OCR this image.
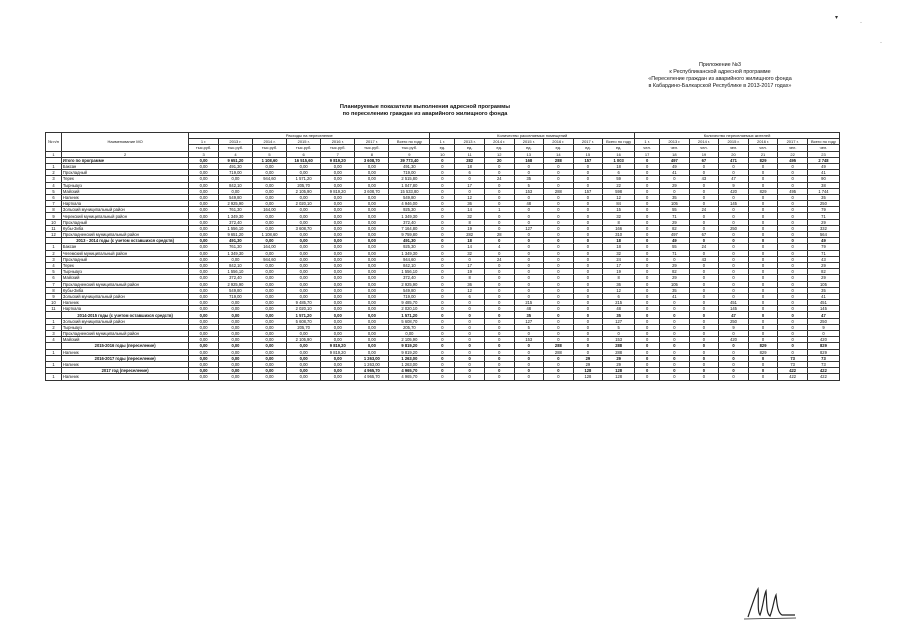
Приложение №3
к Республиканской адресной программе
«Переселение граждан из аварийного жилищного фонда
в Кабардино-Балкарской Республике в 2013-2017 годах»
Планируемые показатели выполнения адресной программы
по переселению граждан из аварийного жилищного фонда
№ п/п	Наименование МО	Расходы на переселение							Количество расселяемых помещений							Количество переселяемых жителей						
		1 г.	2013 г.	2014 г.	2015 г.	2016 г.	2017 г.	Всего по году	1 г.	2013 г.	2014 г.	2015 г.	2016 г.	2017 г.	Всего по году	1 г.	2013 г.	2014 г.	2015 г.	2016 г.	2017 г.	Всего по году
		тыс.руб.	тыс.руб.	тыс.руб.	тыс.руб.	тыс.руб.	тыс.руб.	тыс.руб.	ед.	ед.	ед.	ед.	ед.	ед.	ед.	чел.	чел.	чел.	чел.	чел.	чел.	чел.
1	2	3	4	5	6	7	8	9	10	11	12	13	14	15	16	17	18	19	20	21	22	23
	Итого по программе	0,00	9 651,20	1 108,60	16 515,60	9 819,20	3 608,70	39 773,40	0	282	20	168	288	157	1 003	0	497	67	471	829	495	2 748
1	Баксан	0,00	491,30	0,00	0,00	0,00	0,00	491,30	0	18	0	0	0	0	18	0	49	0	0	0	0	49
2	Прохладный	0,00	719,00	0,00	0,00	0,00	0,00	719,00	0	6	0	0	0	0	6	0	41	0	0	0	0	41
3	Терек	0,00	0,00	944,60	1 571,20	0,00	0,00	2 515,80	0	0	24	35	0	0	59	0	0	43	47	0	0	90
4	Тырныауз	0,00	842,10	0,00	205,70	0,00	0,00	1 047,80	0	17	0	5	0	0	22	0	29	0	9	0	0	38
5	Майский	0,00	0,00	0,00	2 105,90	9 819,20	3 608,70	15 533,80	0	0	0	153	288	157	598	0	0	0	420	829	495	1 744
6	Нальчик	0,00	549,80	0,00	0,00	0,00	0,00	549,80	0	12	0	0	0	0	12	0	35	0	0	0	0	35
7	Нарткала	0,00	2 925,90	0,00	2 020,10	0,00	0,00	4 946,00	0	36	0	48	0	0	84	0	105	0	145	0	0	250
8	Зольский муниципальный район	0,00	761,30	164,00	0,00	0,00	0,00	925,30	0	14	1	0	0	0	15	0	55	24	0	0	0	79
9	Черекский муниципальный район	0,00	1 349,30	0,00	0,00	0,00	0,00	1 349,30	0	32	0	0	0	0	32	0	71	0	0	0	0	71
10	Прохладный	0,00	372,40	0,00	0,00	0,00	0,00	372,40	0	8	0	0	0	0	8	0	29	0	0	0	0	29
11	Кубы-Зиба	0,00	1 556,10	0,00	3 608,70	0,00	0,00	7 164,80	0	19	0	127	0	0	166	0	82	0	250	0	0	332
12	Прохладненский муниципальный район	0,00	9 651,20	1 108,60	0,00	0,00	0,00	9 759,80	0	282	28	0	0	0	310	0	497	67	0	0	0	564
	2013 - 2014 годы (с учетом оставшихся средств)	0,00	491,30	0,00	0,00	0,00	0,00	491,30	0	18	0	0	0	0	18	0	49	0	0	0	0	49
1	Баксан	0,00	761,30	164,00	0,00	0,00	0,00	925,30	0	14	4	0	0	0	18	0	55	24	0	0	0	79
2	Чегемский муниципальный район	0,00	1 349,30	0,00	0,00	0,00	0,00	1 349,30	0	32	0	0	0	0	32	0	71	0	0	0	0	71
3	Прохладный	0,00	0,00	944,60	0,00	0,00	0,00	944,60	0	0	24	0	0	0	24	0	0	43	0	0	0	43
4	Терек	0,00	842,10	0,00	0,00	0,00	0,00	842,10	0	17	0	0	0	0	17	0	29	0	0	0	0	29
5	Тырныауз	0,00	1 556,10	0,00	0,00	0,00	0,00	1 556,10	0	19	0	0	0	0	19	0	82	0	0	0	0	82
6	Майский	0,00	372,40	0,00	0,00	0,00	0,00	372,40	0	8	0	0	0	0	8	0	29	0	0	0	0	29
7	Прохладненский муниципальный район	0,00	2 925,90	0,00	0,00	0,00	0,00	2 925,90	0	36	0	0	0	0	36	0	105	0	0	0	0	105
8	Кубы-Зиба	0,00	549,80	0,00	0,00	0,00	0,00	549,80	0	12	0	0	0	0	12	0	35	0	0	0	0	35
9	Зольский муниципальный район	0,00	719,00	0,00	0,00	0,00	0,00	719,00	0	6	0	0	0	0	6	0	41	0	0	0	0	41
10	Нальчик	0,00	0,00	0,00	9 485,70	0,00	0,00	9 485,70	0	0	0	215	0	0	215	0	0	0	451	0	0	451
11	Нарткала	0,00	0,00	0,00	2 020,10	0,00	0,00	2 020,10	0	0	0	48	0	0	48	0	0	0	145	0	0	145
	2014-2015 годы (с учетом оставшихся средств)	0,00	0,00	0,00	1 571,20	0,00	0,00	1 571,20	0	0	0	35	0	0	35	0	0	0	47	0	0	47
1	Зольский муниципальный район	0,00	0,00	0,00	5 608,70	0,00	0,00	5 608,70	0	0	0	127	0	0	127	0	0	0	250	0	0	250
2	Тырныауз	0,00	0,00	0,00	205,70	0,00	0,00	205,70	0	0	0	5	0	0	5	0	0	0	9	0	0	9
3	Прохладненский муниципальный район	0,00	0,00	0,00	0,00	0,00	0,00	0,00	0	0	0	0	0	0	0	0	0	0	0	0	0	0
4	Майский	0,00	0,00	0,00	2 105,90	0,00	0,00	2 105,90	0	0	0	153	0	0	153	0	0	0	420	0	0	420
	2015-2016 годы (переселение)	0,00	0,00	0,00	0,00	9 819,20	0,00	9 819,20	0	0	0	0	288	0	288	0	0	0	0	829	0	829
1	Нальчик	0,00	0,00	0,00	0,00	9 819,20	0,00	9 819,20	0	0	0	0	288	0	288	0	0	0	0	829	0	829
	2016-2017 годы (переселение)	0,00	0,00	0,00	0,00	0,00	1 263,00	1 263,00	0	0	0	0	0	29	29	0	0	0	0	0	73	73
1	Нальчик	0,00	0,00	0,00	0,00	0,00	1 263,00	1 263,00	0	0	0	0	0	29	29	0	0	0	0	0	73	73
	2017 год (переселение)	0,00	0,00	0,00	0,00	0,00	4 965,70	4 965,70	0	0	0	0	0	128	128	0	0	0	0	0	422	422
1	Нальчик	0,00	0,00	0,00	0,00	0,00	4 965,70	4 965,70	0	0	0	0	0	128	128	0	0	0	0	0	422	422
▾
·
·
